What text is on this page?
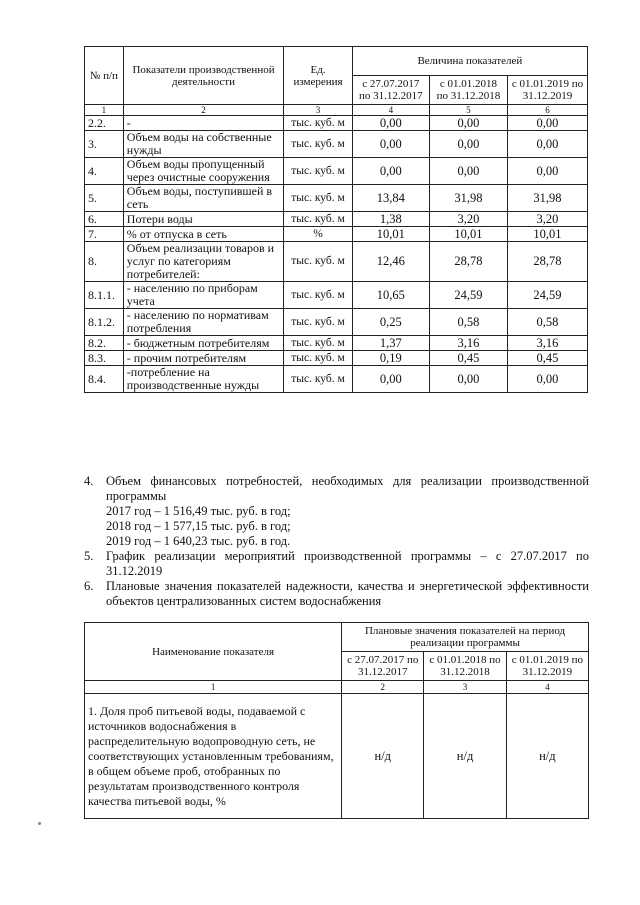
№ п/п	Показатели производственной деятельности	Ед. измерения	Величина показателей		
			с 27.07.2017 по 31.12.2017	с 01.01.2018 по 31.12.2018	с 01.01.2019 по 31.12.2019
1	2	3	4	5	6
2.2.	-	тыс. куб. м	0,00	0,00	0,00
3.	Объем воды на собственные нужды	тыс. куб. м	0,00	0,00	0,00
4.	Объем воды пропущенный через очистные сооружения	тыс. куб. м	0,00	0,00	0,00
5.	Объем воды, поступившей в сеть	тыс. куб. м	13,84	31,98	31,98
6.	Потери воды	тыс. куб. м	1,38	3,20	3,20
7.	% от отпуска в сеть	%	10,01	10,01	10,01
8.	Объем реализации товаров и услуг по категориям потребителей:	тыс. куб. м	12,46	28,78	28,78
8.1.1.	- населению по приборам учета	тыс. куб. м	10,65	24,59	24,59
8.1.2.	- населению по нормативам потребления	тыс. куб. м	0,25	0,58	0,58
8.2.	- бюджетным потребителям	тыс. куб. м	1,37	3,16	3,16
8.3.	- прочим потребителям	тыс. куб. м	0,19	0,45	0,45
8.4.	-потребление на производственные нужды	тыс. куб. м	0,00	0,00	0,00
4.	Объем финансовых потребностей, необходимых для реализации производственной программы
2017 год – 1 516,49 тыс. руб. в год;
2018 год – 1 577,15 тыс. руб. в год;
2019 год – 1 640,23 тыс. руб. в год.
5.	График реализации мероприятий производственной программы – с 27.07.2017 по 31.12.2019
6.	Плановые значения показателей надежности, качества и энергетической эффективности объектов централизованных систем водоснабжения
Наименование показателя	Плановые значения показателей на период реализации программы		
	с 27.07.2017 по 31.12.2017	с 01.01.2018 по 31.12.2018	с 01.01.2019 по 31.12.2019
1	2	3	4
1. Доля проб питьевой воды, подаваемой с источников водоснабжения в распределительную водопроводную сеть, не соответствующих установленным требованиям, в общем объеме проб, отобранных по результатам производственного контроля качества питьевой воды, %	н/д	н/д	н/д
